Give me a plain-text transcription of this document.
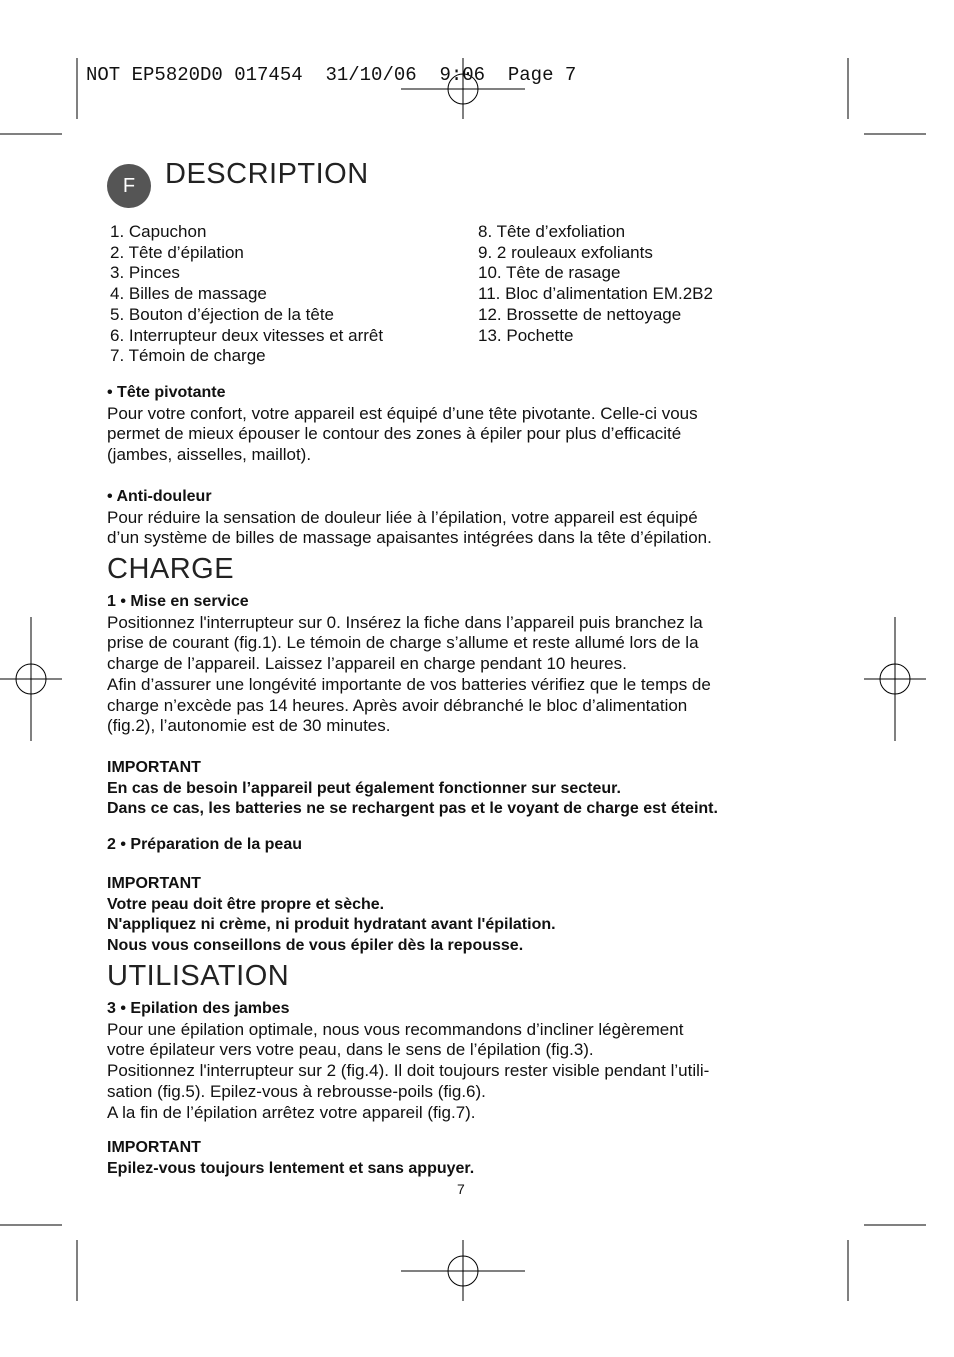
NOT EP5820D0 017454  31/10/06  9:06  Page 7
F	DESCRIPTION
1. Capuchon
2. Tête d’épilation
3. Pinces
4. Billes de massage
5. Bouton d’éjection de la tête
6. Interrupteur deux vitesses et arrêt
7. Témoin de charge
8. Tête d’exfoliation
9. 2 rouleaux exfoliants
10. Tête de rasage
11. Bloc d’alimentation EM.2B2
12. Brossette de nettoyage
13. Pochette
• Tête pivotante
Pour votre confort, votre appareil est équipé d’une tête pivotante. Celle-ci vous
permet de mieux épouser le contour des zones à épiler pour plus d’efficacité
(jambes, aisselles, maillot).
• Anti-douleur
Pour réduire la sensation de douleur liée à l’épilation, votre appareil est équipé
d’un système de billes de massage apaisantes intégrées dans la tête d’épilation.
CHARGE
1 • Mise en service
Positionnez l'interrupteur sur 0. Insérez la fiche dans l’appareil puis branchez la
prise de courant (fig.1). Le témoin de charge s’allume et reste allumé lors de la
charge de l’appareil. Laissez l’appareil en charge pendant 10 heures.
Afin d’assurer une longévité importante de vos batteries vérifiez que le temps de
charge n’excède pas 14 heures. Après avoir débranché le bloc d’alimentation
(fig.2), l’autonomie est de 30 minutes.
IMPORTANT
En cas de besoin l’appareil peut également fonctionner sur secteur.
Dans ce cas, les batteries ne se rechargent pas et le voyant de charge est éteint.
2 • Préparation de la peau
IMPORTANT
Votre peau doit être propre et sèche.
N'appliquez ni crème, ni produit hydratant avant l'épilation.
Nous vous conseillons de vous épiler dès la repousse.
UTILISATION
3 • Epilation des jambes
Pour une épilation optimale, nous vous recommandons d’incliner légèrement
votre épilateur vers votre peau, dans le sens de l’épilation (fig.3).
Positionnez l'interrupteur sur 2 (fig.4). Il doit toujours rester visible pendant l’utili-
sation (fig.5). Epilez-vous à rebrousse-poils (fig.6).
A la fin de l’épilation arrêtez votre appareil (fig.7).
IMPORTANT
Epilez-vous toujours lentement et sans appuyer.
7
